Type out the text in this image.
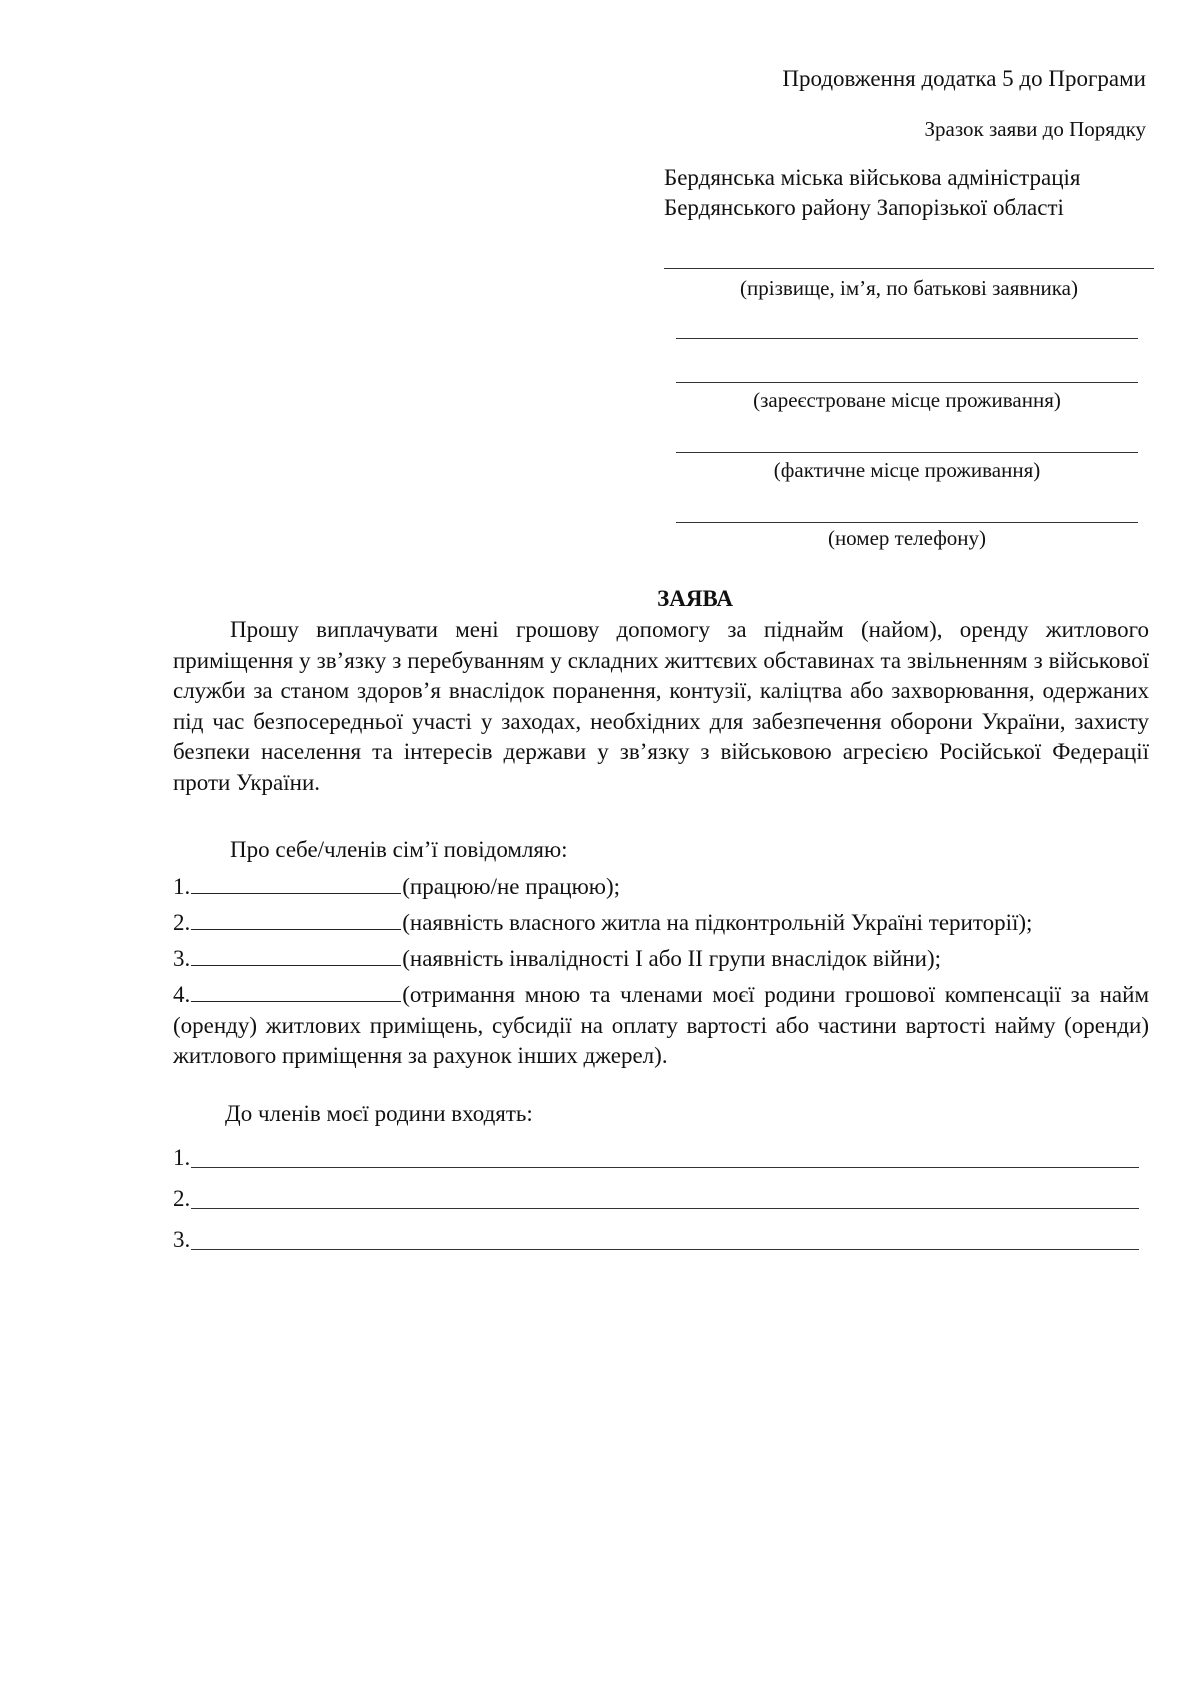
Продовження додатка 5 до Програми
Зразок заяви до Порядку
Бердянська міська військова адміністрація
Бердянського району Запорізької області
(прізвище, ім’я, по батькові заявника)
(зареєстроване місце проживання)
(фактичне місце проживання)
(номер телефону)
ЗАЯВА
Прошу виплачувати мені грошову допомогу за піднайм (найом), оренду житлового приміщення у зв’язку з перебуванням у складних життєвих обставинах та звільненням з військової служби за станом здоров’я внаслідок поранення, контузії, каліцтва або захворювання, одержаних під час безпосередньої участі у заходах, необхідних для забезпечення оборони України, захисту безпеки населення та інтересів держави у зв’язку з військовою агресією Російської Федерації проти України.
Про себе/членів сім’ї повідомляю:
1.	(працюю/не працюю);
2.	(наявність власного житла на підконтрольній Україні території);
3.	(наявність інвалідності I або II групи внаслідок війни);
4.	(отримання мною та членами моєї родини грошової компенсації за найм (оренду) житлових приміщень, субсидії на оплату вартості або частини вартості найму (оренди) житлового приміщення за рахунок інших джерел).
До членів моєї родини входять:
1.
2.
3.
